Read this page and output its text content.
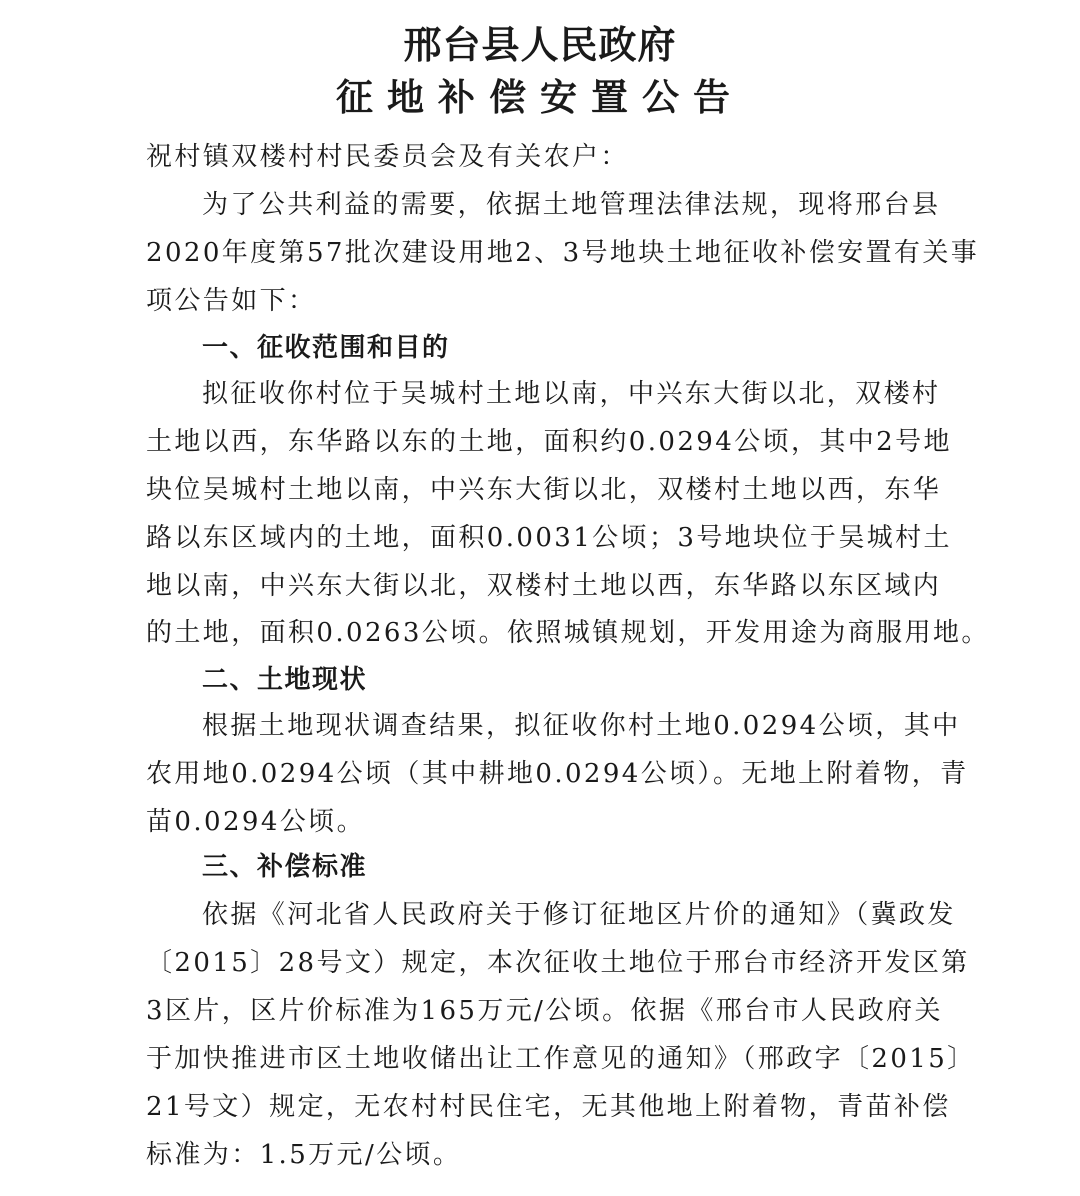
邢台县人民政府
征地补偿安置公告
祝村镇双楼村村民委员会及有关农户：
为了公共利益的需要，依据土地管理法律法规，现将邢台县
2020年度第57批次建设用地2、3号地块土地征收补偿安置有关事
项公告如下：
一、征收范围和目的
拟征收你村位于吴城村土地以南，中兴东大街以北，双楼村
土地以西，东华路以东的土地，面积约0.0294公顷，其中2号地
块位吴城村土地以南，中兴东大街以北，双楼村土地以西，东华
路以东区域内的土地，面积0.0031公顷；3号地块位于吴城村土
地以南，中兴东大街以北，双楼村土地以西，东华路以东区域内
的土地，面积0.0263公顷。依照城镇规划，开发用途为商服用地。
二、土地现状
根据土地现状调查结果，拟征收你村土地0.0294公顷，其中
农用地0.0294公顷（其中耕地0.0294公顷）。无地上附着物，青
苗0.0294公顷。
三、补偿标准
依据《河北省人民政府关于修订征地区片价的通知》（冀政发
〔2015〕28号文）规定，本次征收土地位于邢台市经济开发区第
3区片，区片价标准为165万元/公顷。依据《邢台市人民政府关
于加快推进市区土地收储出让工作意见的通知》（邢政字〔2015〕
21号文）规定，无农村村民住宅，无其他地上附着物，青苗补偿
标准为：1.5万元/公顷。
